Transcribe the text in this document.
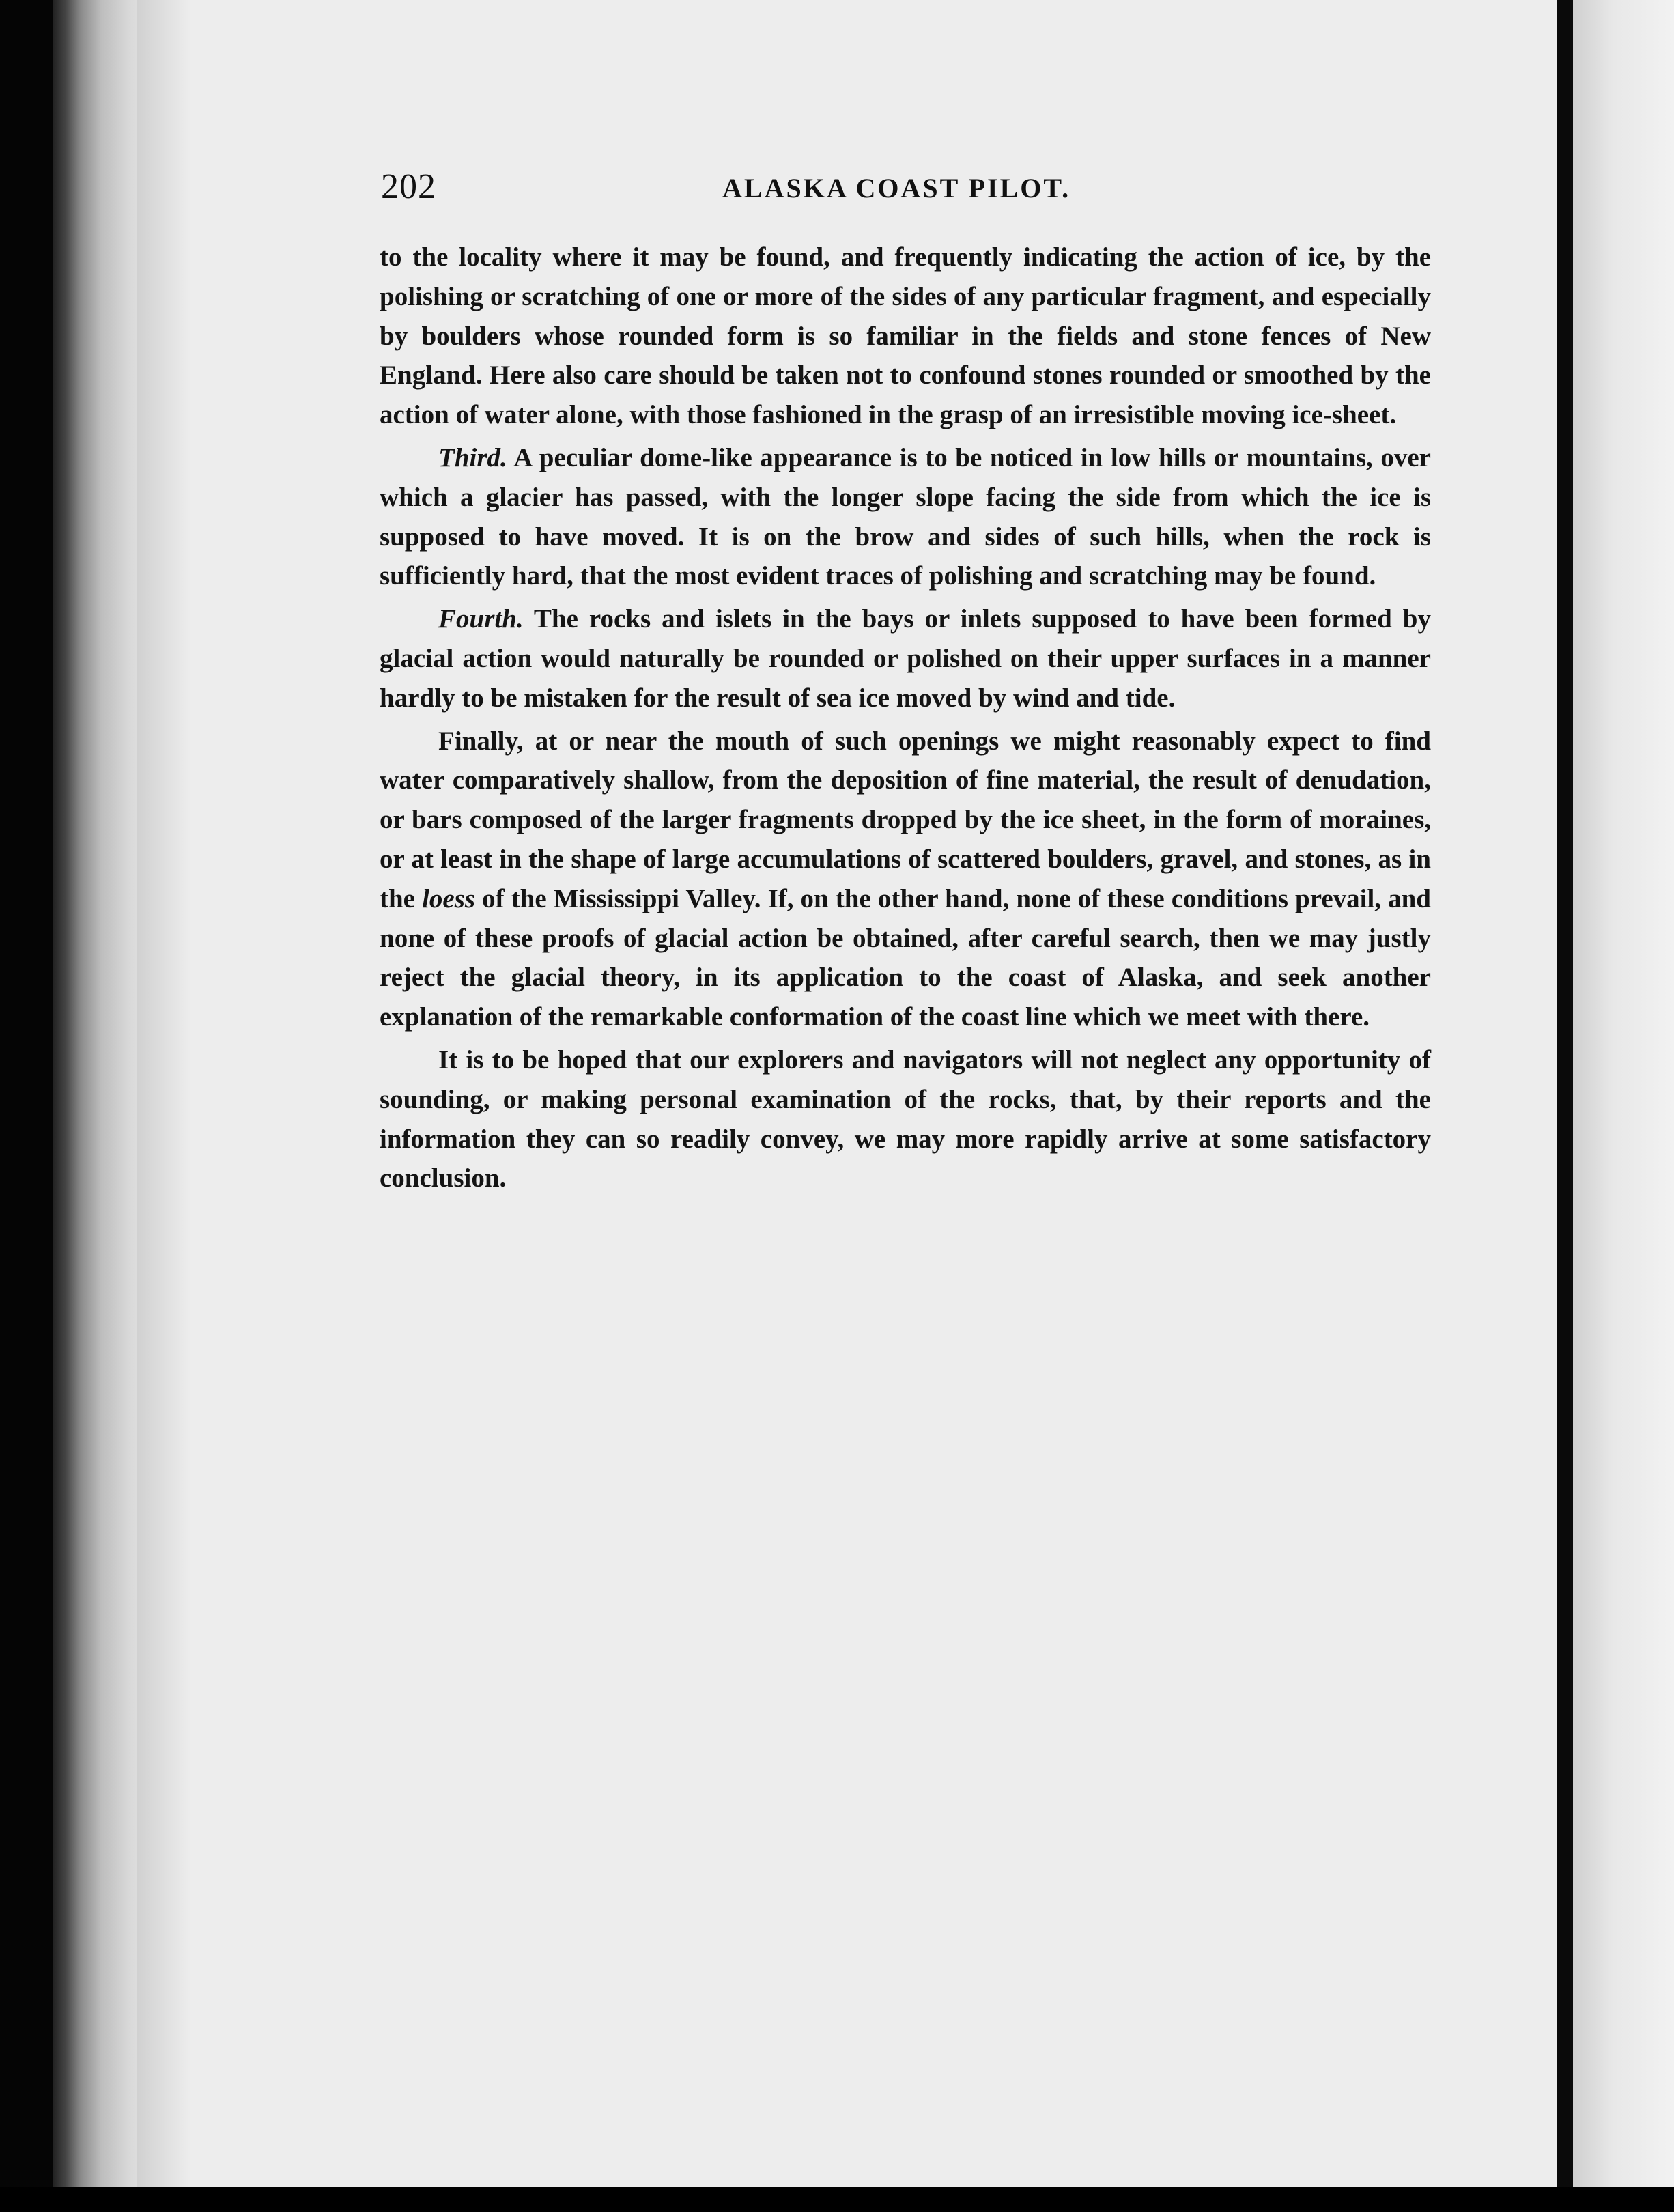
202	ALASKA COAST PILOT.

to the locality where it may be found, and frequently indicating the action of ice, by the polishing or scratching of one or more of the sides of any particular fragment, and especially by boulders whose rounded form is so familiar in the fields and stone fences of New England. Here also care should be taken not to confound stones rounded or smoothed by the action of water alone, with those fashioned in the grasp of an irresistible moving ice-sheet.

Third. A peculiar dome-like appearance is to be noticed in low hills or mountains, over which a glacier has passed, with the longer slope facing the side from which the ice is supposed to have moved. It is on the brow and sides of such hills, when the rock is sufficiently hard, that the most evident traces of polishing and scratching may be found.

Fourth. The rocks and islets in the bays or inlets supposed to have been formed by glacial action would naturally be rounded or polished on their upper surfaces in a manner hardly to be mistaken for the result of sea ice moved by wind and tide.

Finally, at or near the mouth of such openings we might reasonably expect to find water comparatively shallow, from the deposition of fine material, the result of denudation, or bars composed of the larger fragments dropped by the ice sheet, in the form of moraines, or at least in the shape of large accumulations of scattered boulders, gravel, and stones, as in the loess of the Mississippi Valley. If, on the other hand, none of these conditions prevail, and none of these proofs of glacial action be obtained, after careful search, then we may justly reject the glacial theory, in its application to the coast of Alaska, and seek another explanation of the remarkable conformation of the coast line which we meet with there.

It is to be hoped that our explorers and navigators will not neglect any opportunity of sounding, or making personal examination of the rocks, that, by their reports and the information they can so readily convey, we may more rapidly arrive at some satisfactory conclusion.
